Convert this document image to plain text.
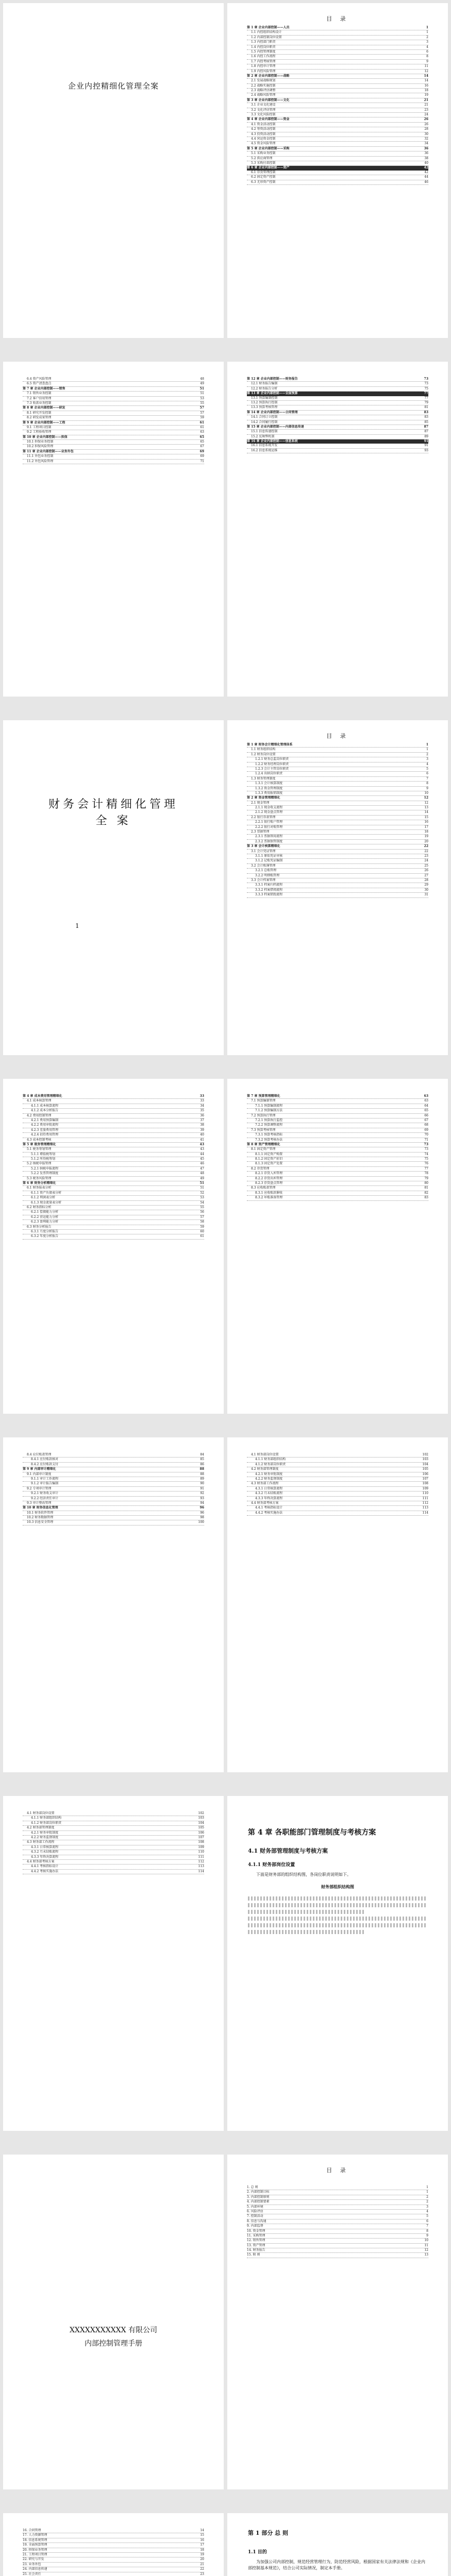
企业内控精细化管理全案
目 录
第 1 章 企业内部控制——人员	1
1.1 内控组织结构设计	1
1.2 内部控制岗位设置	2
1.3 内控部门职责	3
1.4 内控岗位职责	4
1.5 内控管理制度	6
1.6 内控工作流程	8
1.7 内控考核管理	9
1.8 内控审计管理	11
1.9 内控风险管理	12
第 2 章 企业内部控制——战略	14
2.1 发展战略规划	14
2.2 战略实施控制	16
2.3 战略评估调整	18
2.4 战略风险管理	19
第 3 章 企业内部控制——文化	21
3.1 企业文化建设	21
3.2 文化评估管理	23
3.3 文化风险控制	24
第 4 章 企业内部控制——资金	26
4.1 资金活动控制	26
4.2 筹资活动控制	28
4.3 投资活动控制	30
4.4 营运资金控制	32
4.5 资金风险管理	34
第 5 章 企业内部控制——采购	36
5.1 采购业务控制	36
5.2 供应商管理	38
5.3 采购付款控制	40
第 6 章 企业内部控制——资产	42
6.1 存货管理控制	42
6.2 固定资产控制	44
6.3 无形资产控制	46
6.4 资产风险管理	48
6.5 资产清查盘点	49
第 7 章 企业内部控制——销售	51
7.1 销售业务控制	51
7.2 客户信用管理	53
7.3 收款业务控制	55
第 8 章 企业内部控制——研发	57
8.1 研究开发控制	57
8.2 研发成果管理	59
第 9 章 企业内部控制——工程	61
9.1 工程项目控制	61
9.2 工程验收管理	63
第 10 章 企业内部控制——担保	65
10.1 担保业务控制	65
10.2 担保风险管理	67
第 11 章 企业内部控制——业务外包	69
11.1 外包业务控制	69
11.2 外包风险管理	71
第 12 章 企业内部控制——财务报告	73
12.1 财务报告编制	73
12.2 财务报告分析	75
第 13 章 企业内部控制——全面预算	77
13.1 预算编制控制	77
13.2 预算执行控制	79
13.3 预算考核管理	81
第 14 章 企业内部控制——合同管理	83
14.1 合同订立控制	83
14.2 合同履行控制	85
第 15 章 企业内部控制——内部信息传递	87
15.1 信息传递控制	87
15.2 反舞弊机制	89
第 16 章 企业内部控制——信息系统	91
16.1 信息系统开发	91
16.2 信息系统运维	93
财务会计精细化管理
全 案
1
目 录
第 1 章 财务会计精细化管理体系	1
1.1 财务组织结构	1
1.2 财务岗位设置	2
1.2.1 财务总监岗位职责	3
1.2.2 财务经理岗位职责	4
1.2.3 会计主管岗位职责	5
1.2.4 出纳岗位职责	6
1.3 财务管理制度	7
1.3.1 会计核算制度	8
1.3.2 资金管理制度	9
1.3.3 费用报销制度	10
第 2 章 资金管理精细化	12
2.1 现金管理	12
2.1.1 现金收支流程	13
2.1.2 现金盘点管理	14
2.2 银行存款管理	15
2.2.1 银行账户管理	16
2.2.2 银行对账管理	17
2.3 票据管理	18
2.3.1 票据领用流程	19
2.3.2 票据保管制度	20
第 3 章 会计核算精细化	22
3.1 会计凭证管理	22
3.1.1 原始凭证审核	23
3.1.2 记账凭证编制	24
3.2 会计账簿管理	25
3.2.1 总账管理	26
3.2.2 明细账管理	27
3.3 会计档案管理	28
3.3.1 档案归档流程	29
3.3.2 档案借阅流程	30
3.3.3 档案销毁流程	31
第 4 章 成本费用管理精细化	33
4.1 成本核算管理	33
4.1.1 成本核算流程	34
4.1.2 成本分析报告	35
4.2 费用控制管理	36
4.2.1 费用预算编制	37
4.2.2 费用审批流程	38
4.2.3 差旅费用管理	39
4.2.4 招待费用管理	40
4.3 成本控制考核	41
第 5 章 税务管理精细化	43
5.1 税务筹划管理	43
5.1.1 增值税筹划	44
5.1.2 所得税筹划	45
5.2 纳税申报管理	46
5.2.1 纳税申报流程	47
5.2.2 发票管理制度	48
5.3 税务风险管理	49
第 6 章 财务分析精细化	51
6.1 财务报表分析	51
6.1.1 资产负债表分析	52
6.1.2 利润表分析	53
6.1.3 现金流量表分析	54
6.2 财务指标分析	55
6.2.1 偿债能力分析	56
6.2.2 营运能力分析	57
6.2.3 盈利能力分析	58
6.3 财务分析报告	59
6.3.1 月度分析报告	60
6.3.2 年度分析报告	61
第 7 章 预算管理精细化	63
7.1 预算编制管理	63
7.1.1 预算编制流程	64
7.1.2 预算编制方法	65
7.2 预算执行管理	66
7.2.1 预算执行监控	67
7.2.2 预算调整流程	68
7.3 预算考核管理	69
7.3.1 预算考核指标	70
7.3.2 预算考核办法	71
第 8 章 资产管理精细化	73
8.1 固定资产管理	73
8.1.1 固定资产购置	74
8.1.2 固定资产折旧	75
8.1.3 固定资产处置	76
8.2 存货管理	77
8.2.1 存货入库管理	78
8.2.2 存货出库管理	79
8.2.3 存货盘点管理	80
8.3 应收账款管理	81
8.3.1 应收账款催收	82
8.3.2 坏账准备管理	83
8.4 应付账款管理	84
8.4.1 应付账款核对	85
8.4.2 应付账款支付	86
第 9 章 内部审计精细化	88
9.1 内部审计制度	88
9.1.1 审计工作流程	89
9.1.2 审计报告编制	90
9.2 专项审计管理	91
9.2.1 财务收支审计	92
9.2.2 经济责任审计	93
9.3 审计整改管理	94
第 10 章 财务信息化管理	96
10.1 财务软件管理	96
10.2 财务数据管理	98
10.3 信息安全管理	100
4.1 财务部岗位设置	102
4.1.1 财务部组织结构	103
4.1.2 财务部岗位职责	104
4.2 财务部管理制度	105
4.2.1 财务审批制度	106
4.2.2 财务监督制度	107
4.3 财务部工作流程	108
4.3.1 日常核算流程	109
4.3.2 月末结账流程	110
4.3.3 年终决算流程	111
4.4 财务部考核方案	112
4.4.1 考核指标设计	113
4.4.2 考核实施办法	114
4.1 财务部岗位设置	102
4.1.1 财务部组织结构	103
4.1.2 财务部岗位职责	104
4.2 财务部管理制度	105
4.2.1 财务审批制度	106
4.2.2 财务监督制度	107
4.3 财务部工作流程	108
4.3.1 日常核算流程	109
4.3.2 月末结账流程	110
4.3.3 年终决算流程	111
4.4 财务部考核方案	112
4.4.1 考核指标设计	113
4.4.2 考核实施办法	114
第 4 章 各职能部门管理制度与考核方案
4.1 财务部管理制度与考核方案
4.1.1 财务部岗位设置
下面是财务部的组织结构图，各岗位职责说明如下。
财务部组织结构图
XXXXXXXXXXX 有限公司
内部控制管理手册
目 录
1. 总 则	1
2. 内部控制目标	1
3. 内部控制原则	2
4. 内部控制要素	2
5. 内部环境	3
6. 风险评估	4
7. 控制活动	5
8. 信息与沟通	6
9. 内部监督	7
10. 资金管理	8
11. 采购管理	9
12. 销售管理	10
13. 资产管理	11
14. 财务报告	12
15. 附 则	13
16. 合同管理	14
17. 人力资源管理	15
18. 信息系统管理	16
19. 全面预算管理	17
20. 担保业务管理	18
21. 工程项目管理	19
22. 研究与开发	20
23. 业务外包	21
24. 内部信息传递	22
25. 社会责任	23
第 1 部分 总 则
1.1 目的
为加强公司内部控制，规范经营管理行为，防范经营风险，根据国家有关法律法规和《企业内部控制基本规范》，结合公司实际情况，制定本手册。
